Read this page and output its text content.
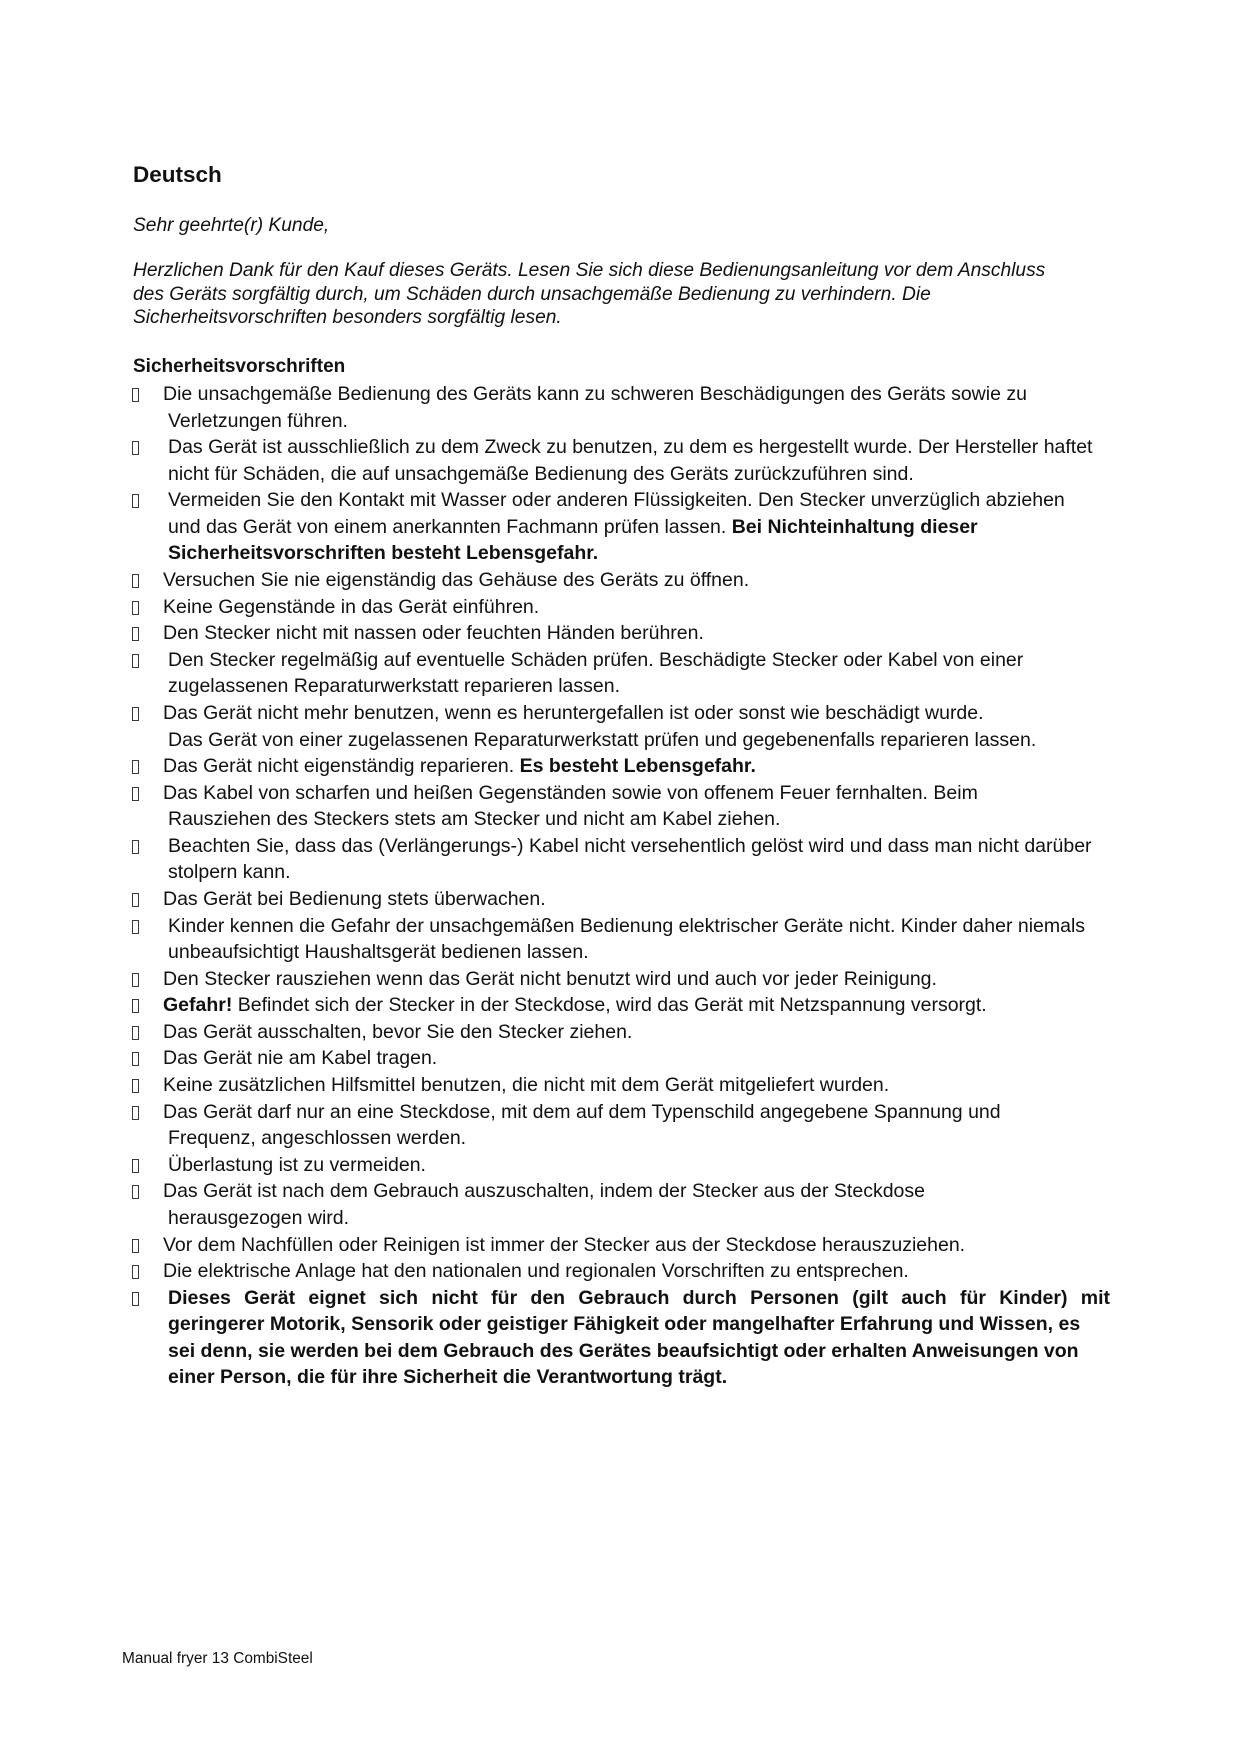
Deutsch
Sehr geehrte(r) Kunde,
Herzlichen Dank für den Kauf dieses Geräts. Lesen Sie sich diese Bedienungsanleitung vor dem Anschluss
des Geräts sorgfältig durch, um Schäden durch unsachgemäße Bedienung zu verhindern. Die
Sicherheitsvorschriften besonders sorgfältig lesen.
Sicherheitsvorschriften
Die unsachgemäße Bedienung des Geräts kann zu schweren Beschädigungen des Geräts sowie zu
Verletzungen führen.
Das Gerät ist ausschließlich zu dem Zweck zu benutzen, zu dem es hergestellt wurde. Der Hersteller haftet
nicht für Schäden, die auf unsachgemäße Bedienung des Geräts zurückzuführen sind.
Vermeiden Sie den Kontakt mit Wasser oder anderen Flüssigkeiten. Den Stecker unverzüglich abziehen
und das Gerät von einem anerkannten Fachmann prüfen lassen. Bei Nichteinhaltung dieser
Sicherheitsvorschriften besteht Lebensgefahr.
Versuchen Sie nie eigenständig das Gehäuse des Geräts zu öffnen.
Keine Gegenstände in das Gerät einführen.
Den Stecker nicht mit nassen oder feuchten Händen berühren.
Den Stecker regelmäßig auf eventuelle Schäden prüfen. Beschädigte Stecker oder Kabel von einer
zugelassenen Reparaturwerkstatt reparieren lassen.
Das Gerät nicht mehr benutzen, wenn es heruntergefallen ist oder sonst wie beschädigt wurde.
Das Gerät von einer zugelassenen Reparaturwerkstatt prüfen und gegebenenfalls reparieren lassen.
Das Gerät nicht eigenständig reparieren. Es besteht Lebensgefahr.
Das Kabel von scharfen und heißen Gegenständen sowie von offenem Feuer fernhalten. Beim
Rausziehen des Steckers stets am Stecker und nicht am Kabel ziehen.
Beachten Sie, dass das (Verlängerungs-) Kabel nicht versehentlich gelöst wird und dass man nicht darüber
stolpern kann.
Das Gerät bei Bedienung stets überwachen.
Kinder kennen die Gefahr der unsachgemäßen Bedienung elektrischer Geräte nicht. Kinder daher niemals
unbeaufsichtigt Haushaltsgerät bedienen lassen.
Den Stecker rausziehen wenn das Gerät nicht benutzt wird und auch vor jeder Reinigung.
Gefahr! Befindet sich der Stecker in der Steckdose, wird das Gerät mit Netzspannung versorgt.
Das Gerät ausschalten, bevor Sie den Stecker ziehen.
Das Gerät nie am Kabel tragen.
Keine zusätzlichen Hilfsmittel benutzen, die nicht mit dem Gerät mitgeliefert wurden.
Das Gerät darf nur an eine Steckdose, mit dem auf dem Typenschild angegebene Spannung und
Frequenz, angeschlossen werden.
Überlastung ist zu vermeiden.
Das Gerät ist nach dem Gebrauch auszuschalten, indem der Stecker aus der Steckdose
herausgezogen wird.
Vor dem Nachfüllen oder Reinigen ist immer der Stecker aus der Steckdose herauszuziehen.
Die elektrische Anlage hat den nationalen und regionalen Vorschriften zu entsprechen.
Dieses Gerät eignet sich nicht für den Gebrauch durch Personen (gilt auch für Kinder) mit
geringerer Motorik, Sensorik oder geistiger Fähigkeit oder mangelhafter Erfahrung und Wissen, es
sei denn, sie werden bei dem Gebrauch des Gerätes beaufsichtigt oder erhalten Anweisungen von
einer Person, die für ihre Sicherheit die Verantwortung trägt.
Manual fryer 13 CombiSteel
